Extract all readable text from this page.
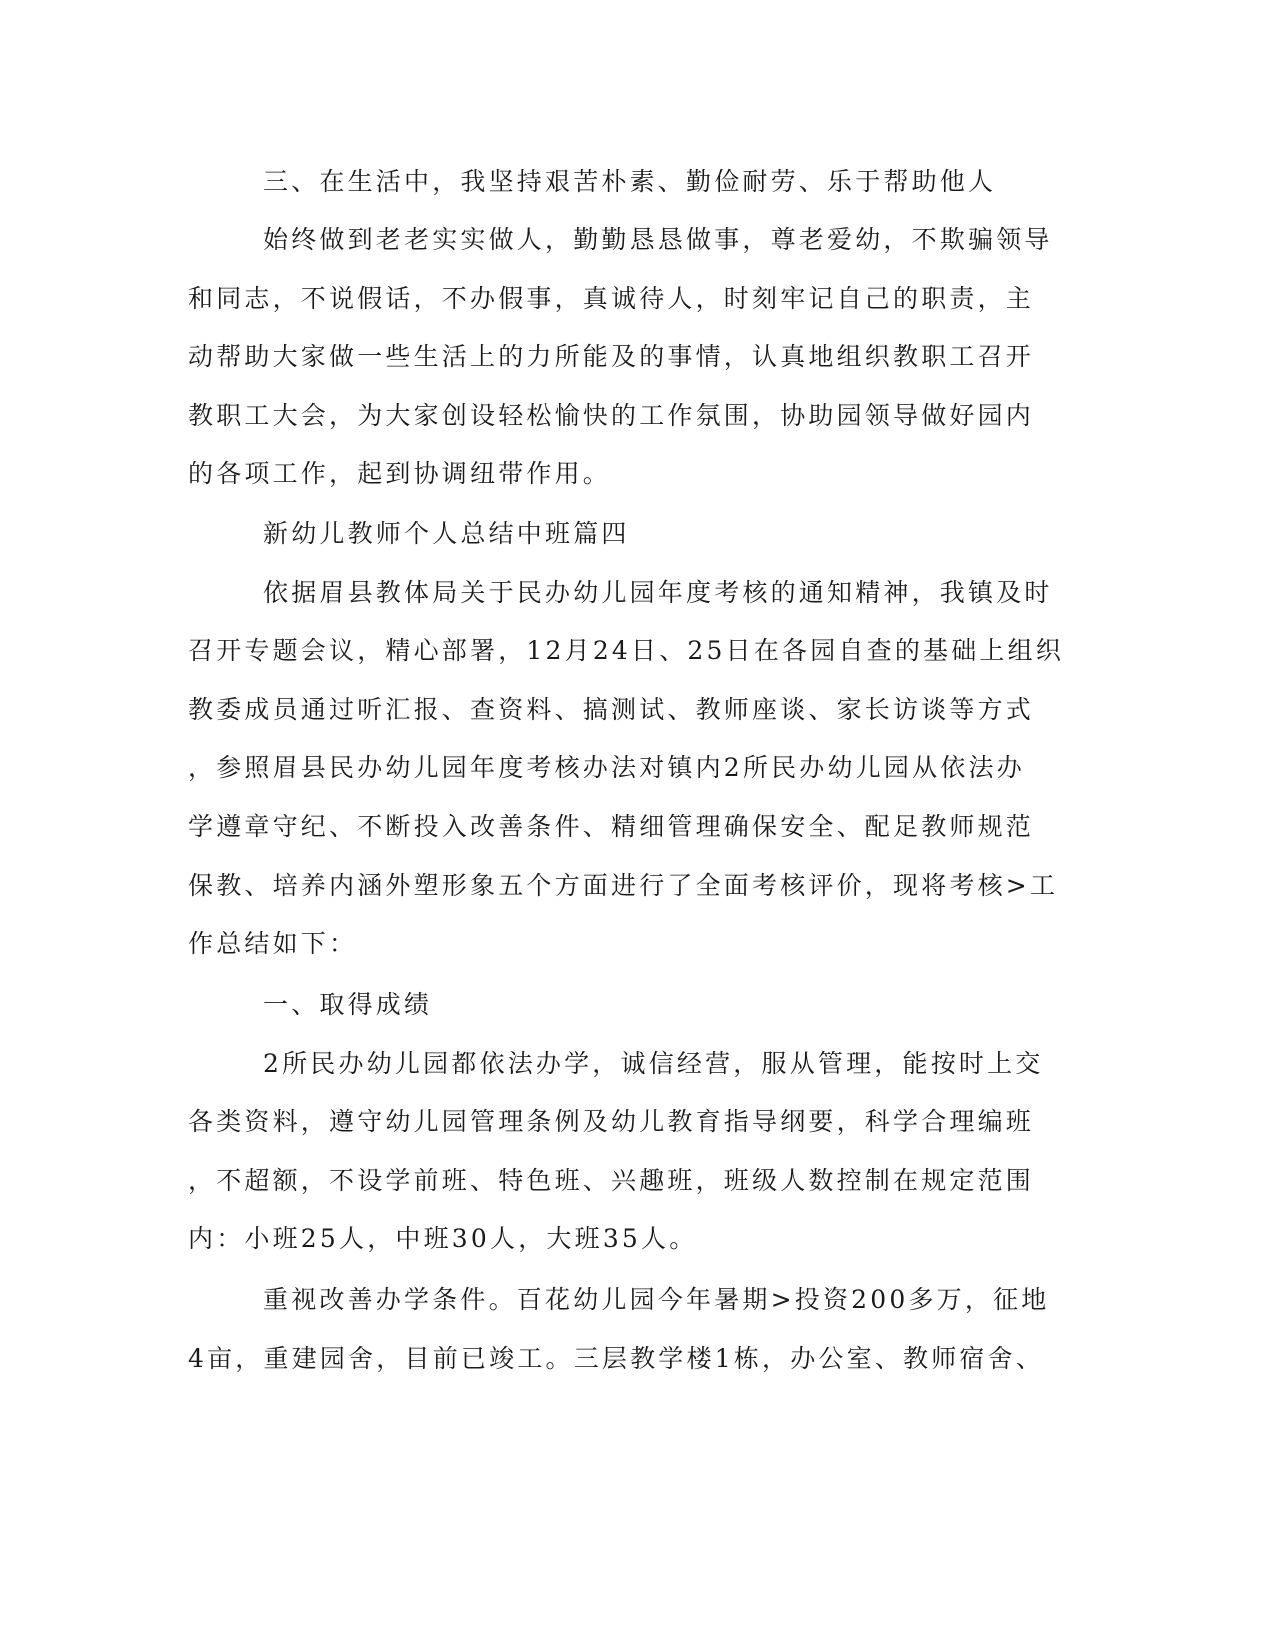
三、在生活中，我坚持艰苦朴素、勤俭耐劳、乐于帮助他人
始终做到老老实实做人，勤勤恳恳做事，尊老爱幼，不欺骗领导
和同志，不说假话，不办假事，真诚待人，时刻牢记自己的职责，主
动帮助大家做一些生活上的力所能及的事情，认真地组织教职工召开
教职工大会，为大家创设轻松愉快的工作氛围，协助园领导做好园内
的各项工作，起到协调纽带作用。
新幼儿教师个人总结中班篇四
依据眉县教体局关于民办幼儿园年度考核的通知精神，我镇及时
召开专题会议，精心部署，12月24日、25日在各园自查的基础上组织
教委成员通过听汇报、查资料、搞测试、教师座谈、家长访谈等方式
，参照眉县民办幼儿园年度考核办法对镇内2所民办幼儿园从依法办
学遵章守纪、不断投入改善条件、精细管理确保安全、配足教师规范
保教、培养内涵外塑形象五个方面进行了全面考核评价，现将考核>工
作总结如下：
一、取得成绩
2所民办幼儿园都依法办学，诚信经营，服从管理，能按时上交
各类资料，遵守幼儿园管理条例及幼儿教育指导纲要，科学合理编班
，不超额，不设学前班、特色班、兴趣班，班级人数控制在规定范围
内：小班25人，中班30人，大班35人。
重视改善办学条件。百花幼儿园今年暑期>投资200多万，征地
4亩，重建园舍，目前已竣工。三层教学楼1栋，办公室、教师宿舍、
